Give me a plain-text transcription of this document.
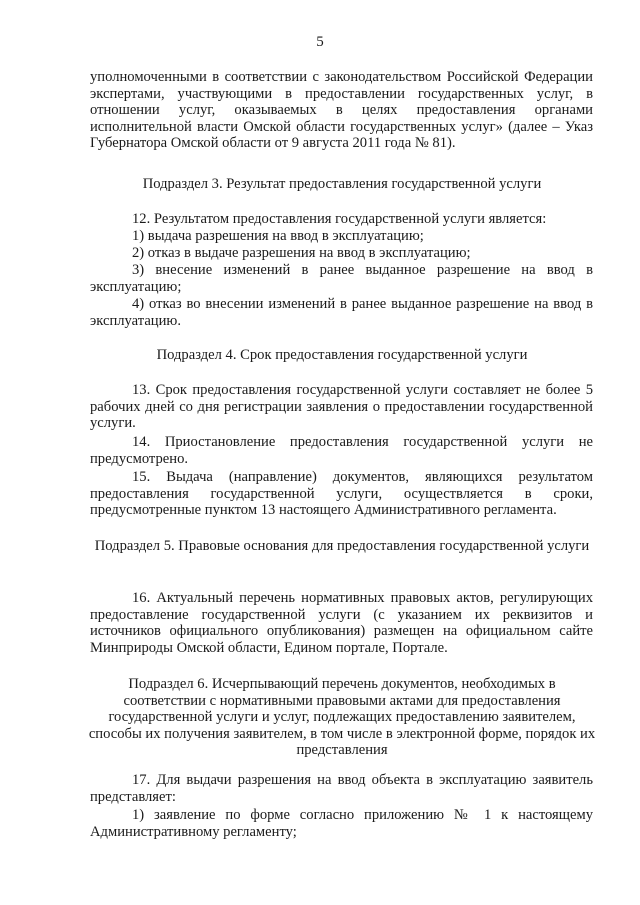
5

уполномоченными в соответствии с законодательством Российской Федерации экспертами, участвующими в предоставлении государственных услуг, в отношении услуг, оказываемых в целях предоставления органами исполнительной власти Омской области государственных услуг» (далее – Указ Губернатора Омской области от 9 августа 2011 года № 81).

Подраздел 3. Результат предоставления государственной услуги

12. Результатом предоставления государственной услуги является:

1) выдача разрешения на ввод в эксплуатацию;

2) отказ в выдаче разрешения на ввод в эксплуатацию;

3) внесение изменений в ранее выданное разрешение на ввод в эксплуатацию;

4) отказ во внесении изменений в ранее выданное разрешение на ввод в эксплуатацию.

Подраздел 4. Срок предоставления государственной услуги

13. Срок предоставления государственной услуги составляет не более 5 рабочих дней со дня регистрации заявления о предоставлении государственной услуги.

14. Приостановление предоставления государственной услуги не предусмотрено.

15. Выдача (направление) документов, являющихся результатом предоставления государственной услуги, осуществляется в сроки, предусмотренные пунктом 13 настоящего Административного регламента.

Подраздел 5. Правовые основания для предоставления государственной услуги

16. Актуальный перечень нормативных правовых актов, регулирующих предоставление государственной услуги (с указанием их реквизитов и источников официального опубликования) размещен на официальном сайте Минприроды Омской области, Едином портале, Портале.

Подраздел 6. Исчерпывающий перечень документов, необходимых в соответствии с нормативными правовыми актами для предоставления государственной услуги и услуг, подлежащих предоставлению заявителем, способы их получения заявителем, в том числе в электронной форме, порядок их представления

17. Для выдачи разрешения на ввод объекта в эксплуатацию заявитель представляет:

1) заявление по форме согласно приложению № 1 к настоящему Административному регламенту;
